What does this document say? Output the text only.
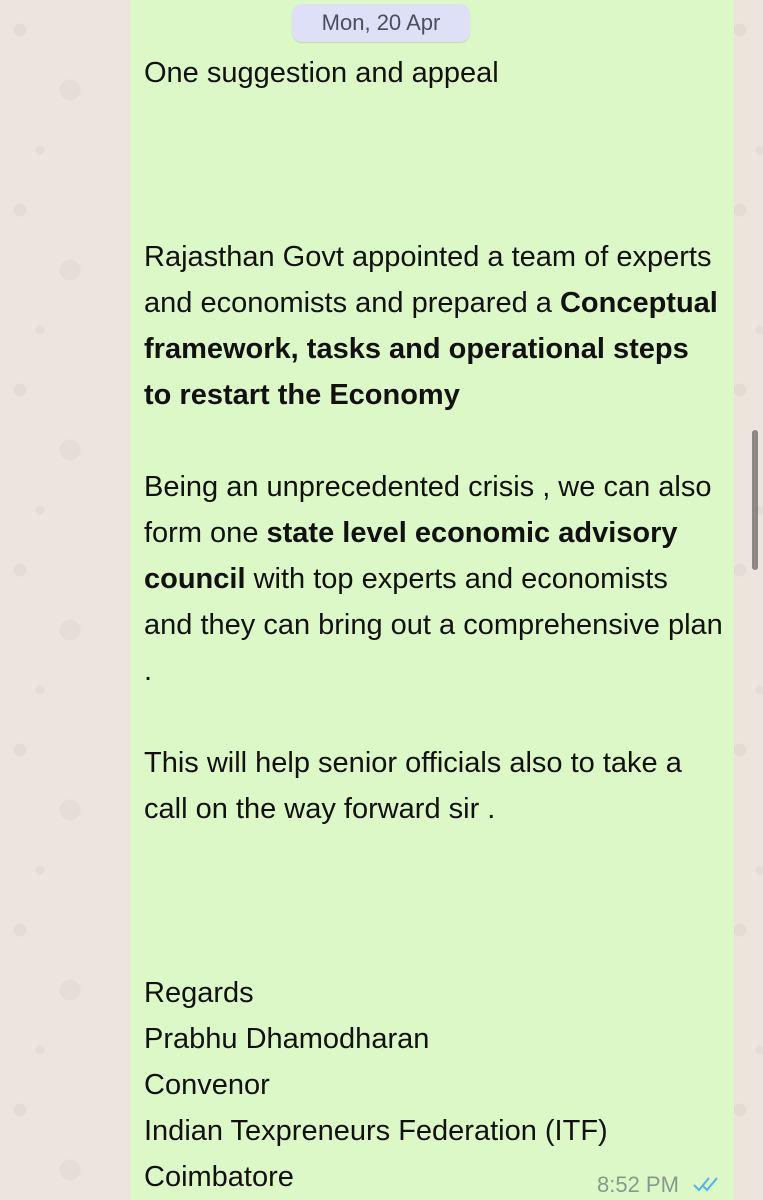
Mon, 20 Apr

One suggestion and appeal

Rajasthan Govt appointed a team of experts and economists and prepared a Conceptual framework, tasks and operational steps to restart the Economy

Being an unprecedented crisis , we can also form one state level economic advisory council with top experts and economists and they can bring out a comprehensive plan .

This will help senior officials also to take a call on the way forward sir .

Regards

Prabhu Dhamodharan

Convenor

Indian Texpreneurs Federation (ITF)

Coimbatore	8:52 PM
